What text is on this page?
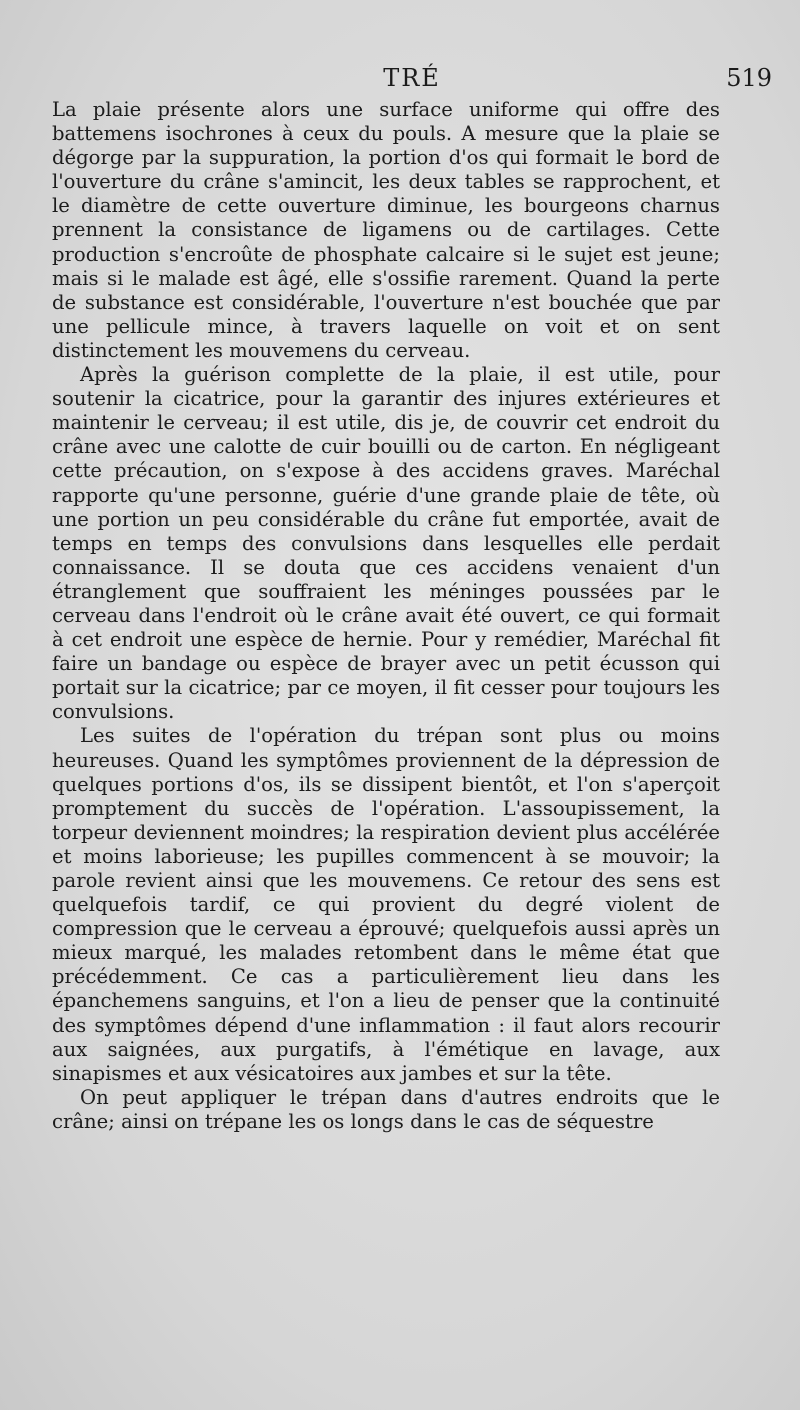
TRÉ	519

La plaie présente alors une surface uniforme qui offre des battemens isochrones à ceux du pouls. A mesure que la plaie se dégorge par la suppuration, la portion d'os qui formait le bord de l'ouverture du crâne s'amincit, les deux tables se rapprochent, et le diamètre de cette ouverture diminue, les bourgeons charnus prennent la consistance de ligamens ou de cartilages. Cette production s'encroûte de phosphate calcaire si le sujet est jeune; mais si le malade est âgé, elle s'ossifie rarement. Quand la perte de substance est considérable, l'ouverture n'est bouchée que par une pellicule mince, à travers laquelle on voit et on sent distinctement les mouvemens du cerveau.

Après la guérison complette de la plaie, il est utile, pour soutenir la cicatrice, pour la garantir des injures extérieures et maintenir le cerveau; il est utile, dis je, de couvrir cet endroit du crâne avec une calotte de cuir bouilli ou de carton. En négligeant cette précaution, on s'expose à des accidens graves. Maréchal rapporte qu'une personne, guérie d'une grande plaie de tête, où une portion un peu considérable du crâne fut emportée, avait de temps en temps des convulsions dans lesquelles elle perdait connaissance. Il se douta que ces accidens venaient d'un étranglement que souffraient les méninges poussées par le cerveau dans l'endroit où le crâne avait été ouvert, ce qui formait à cet endroit une espèce de hernie. Pour y remédier, Maréchal fit faire un bandage ou espèce de brayer avec un petit écusson qui portait sur la cicatrice; par ce moyen, il fit cesser pour toujours les convulsions.

Les suites de l'opération du trépan sont plus ou moins heureuses. Quand les symptômes proviennent de la dépression de quelques portions d'os, ils se dissipent bientôt, et l'on s'aperçoit promptement du succès de l'opération. L'assoupissement, la torpeur deviennent moindres; la respiration devient plus accélérée et moins laborieuse; les pupilles commencent à se mouvoir; la parole revient ainsi que les mouvemens. Ce retour des sens est quelquefois tardif, ce qui provient du degré violent de compression que le cerveau a éprouvé; quelquefois aussi après un mieux marqué, les malades retombent dans le même état que précédemment. Ce cas a particulièrement lieu dans les épanchemens sanguins, et l'on a lieu de penser que la continuité des symptômes dépend d'une inflammation : il faut alors recourir aux saignées, aux purgatifs, à l'émétique en lavage, aux sinapismes et aux vésicatoires aux jambes et sur la tête.

On peut appliquer le trépan dans d'autres endroits que le crâne; ainsi on trépane les os longs dans le cas de séquestre
